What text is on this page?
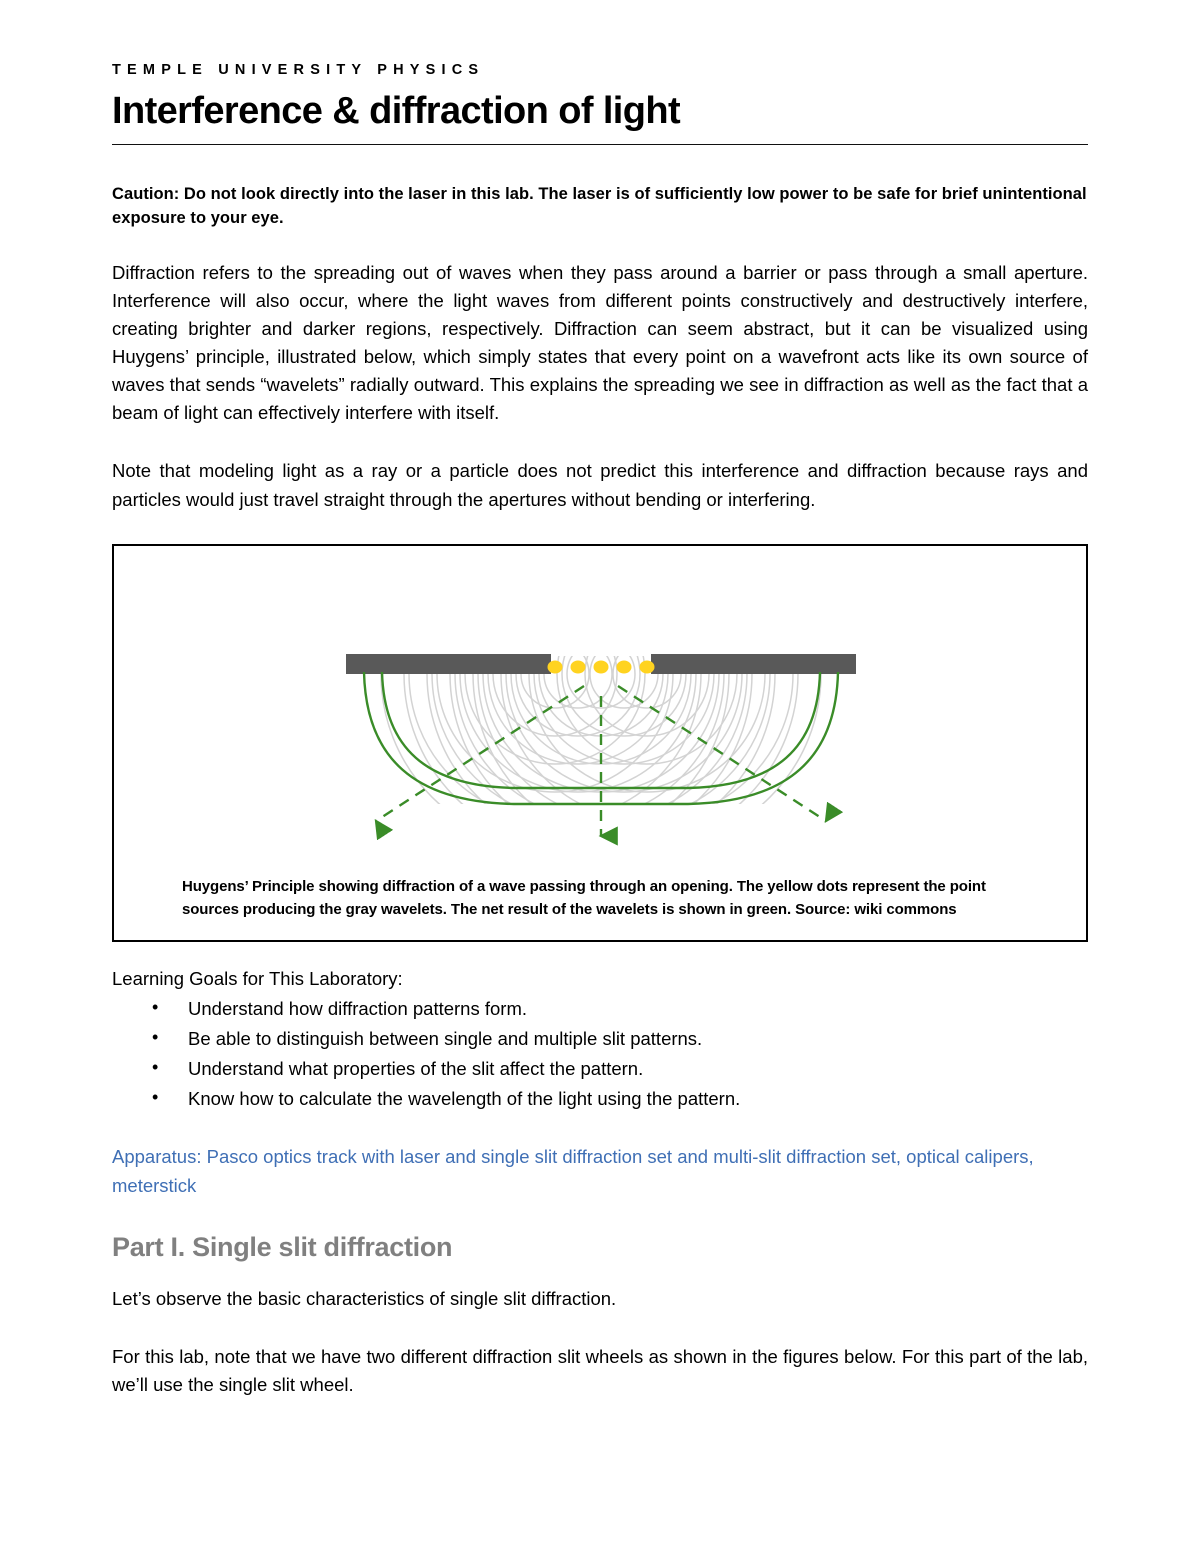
TEMPLE UNIVERSITY PHYSICS
Interference & diffraction of light

Caution: Do not look directly into the laser in this lab. The laser is of sufficiently low power to be safe for brief unintentional exposure to your eye.

Diffraction refers to the spreading out of waves when they pass around a barrier or pass through a small aperture. Interference will also occur, where the light waves from different points constructively and destructively interfere, creating brighter and darker regions, respectively. Diffraction can seem abstract, but it can be visualized using Huygens’ principle, illustrated below, which simply states that every point on a wavefront acts like its own source of waves that sends “wavelets” radially outward. This explains the spreading we see in diffraction as well as the fact that a beam of light can effectively interfere with itself.

Note that modeling light as a ray or a particle does not predict this interference and diffraction because rays and particles would just travel straight through the apertures without bending or interfering.

Huygens’ Principle showing diffraction of a wave passing through an opening. The yellow dots represent the point sources producing the gray wavelets. The net result of the wavelets is shown in green. Source: wiki commons

Learning Goals for This Laboratory:

• Understand how diffraction patterns form.
• Be able to distinguish between single and multiple slit patterns.
• Understand what properties of the slit affect the pattern.
• Know how to calculate the wavelength of the light using the pattern.

Apparatus: Pasco optics track with laser and single slit diffraction set and multi-slit diffraction set, optical calipers, meterstick

Part I. Single slit diffraction

Let’s observe the basic characteristics of single slit diffraction.

For this lab, note that we have two different diffraction slit wheels as shown in the figures below. For this part of the lab, we’ll use the single slit wheel.
